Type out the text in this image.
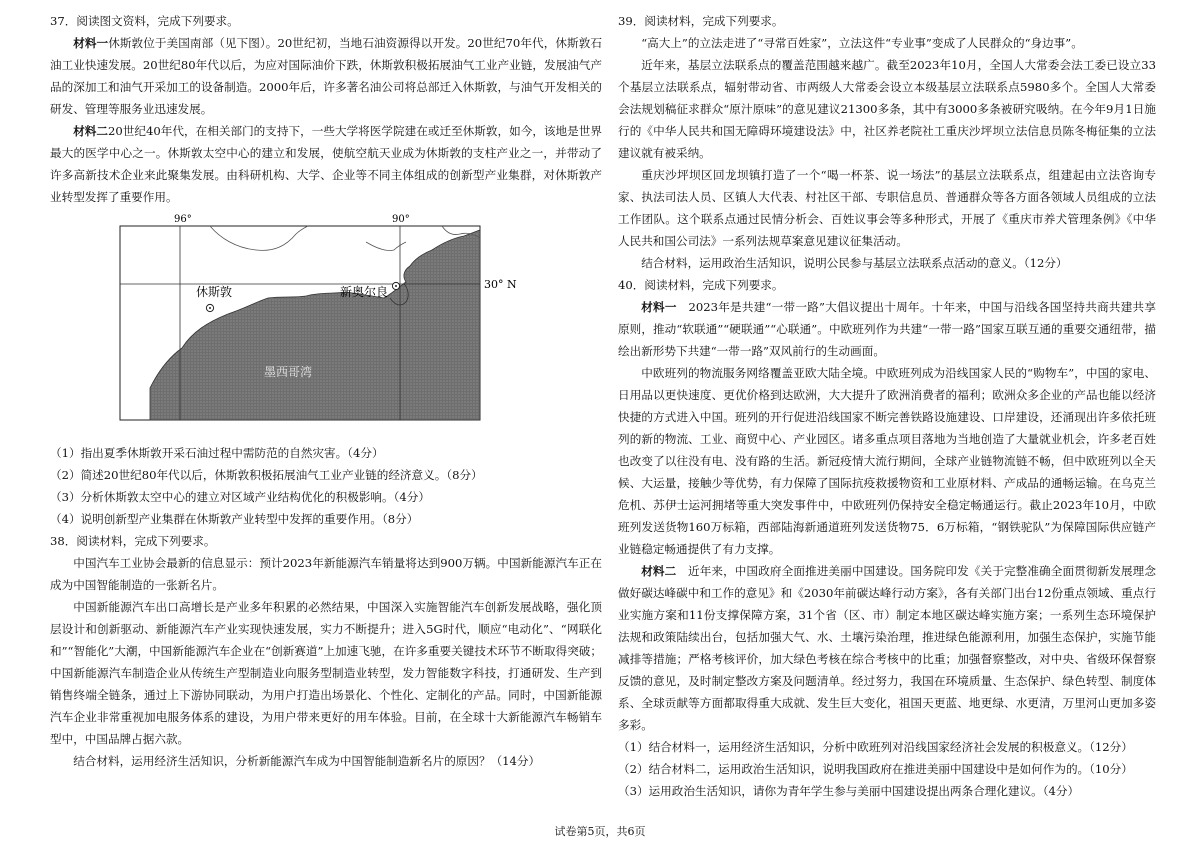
37．阅读图文资料，完成下列要求。

材料一休斯敦位于美国南部（见下图）。20世纪初，当地石油资源得以开发。20世纪70年代，休斯敦石油工业快速发展。20世纪80年代以后，为应对国际油价下跌，休斯敦积极拓展油气工业产业链，发展油气产品的深加工和油气开采加工的设备制造。2000年后，许多著名油公司将总部迁入休斯敦，与油气开发相关的研发、管理等服务业迅速发展。

材料二20世纪40年代，在相关部门的支持下，一些大学将医学院建在或迁至休斯敦，如今，该地是世界最大的医学中心之一。休斯敦太空中心的建立和发展，使航空航天业成为休斯敦的支柱产业之一，并带动了许多高新技术企业来此聚集发展。由科研机构、大学、企业等不同主体组成的创新型产业集群，对休斯敦产业转型发挥了重要作用。

96°	90°
30° N
休斯敦	新奥尔良
墨西哥湾

（1）指出夏季休斯敦开采石油过程中需防范的自然灾害。（4分）

（2）简述20世纪80年代以后，休斯敦积极拓展油气工业产业链的经济意义。（8分）

（3）分析休斯敦太空中心的建立对区域产业结构优化的积极影响。（4分）

（4）说明创新型产业集群在休斯敦产业转型中发挥的重要作用。（8分）

38．阅读材料，完成下列要求。

中国汽车工业协会最新的信息显示：预计2023年新能源汽车销量将达到900万辆。中国新能源汽车正在成为中国智能制造的一张新名片。

中国新能源汽车出口高增长是产业多年积累的必然结果，中国深入实施智能汽车创新发展战略，强化顶层设计和创新驱动、新能源汽车产业实现快速发展，实力不断提升；进入5G时代，顺应“电动化”、“网联化和”“智能化”大潮，中国新能源汽车企业在“创新赛道”上加速飞驰，在许多重要关键技术环节不断取得突破；中国新能源汽车制造企业从传统生产型制造业向服务型制造业转型，发力智能数字科技，打通研发、生产到销售终端全链条，通过上下游协同联动，为用户打造出场景化、个性化、定制化的产品。同时，中国新能源汽车企业非常重视加电服务体系的建设，为用户带来更好的用车体验。目前，在全球十大新能源汽车畅销车型中，中国品牌占据六款。

结合材料，运用经济生活知识，分析新能源汽车成为中国智能制造新名片的原因？（14分）

39．阅读材料，完成下列要求。

“高大上”的立法走进了“寻常百姓家”，立法这件“专业事”变成了人民群众的“身边事”。

近年来，基层立法联系点的覆盖范围越来越广。截至2023年10月，全国人大常委会法工委已设立33个基层立法联系点，辐射带动省、市两级人大常委会设立本级基层立法联系点5980多个。全国人大常委会法规划稿征求群众“原汁原味”的意见建议21300多条，其中有3000多条被研究吸纳。在今年9月1日施行的《中华人民共和国无障碍环境建设法》中，社区养老院社工重庆沙坪坝立法信息员陈冬梅征集的立法建议就有被采纳。

重庆沙坪坝区回龙坝镇打造了一个“喝一杯茶、说一场法”的基层立法联系点，组建起由立法咨询专家、执法司法人员、区镇人大代表、村社区干部、专职信息员、普通群众等各方面各领域人员组成的立法工作团队。这个联系点通过民情分析会、百姓议事会等多种形式，开展了《重庆市养犬管理条例》《中华人民共和国公司法》一系列法规草案意见建议征集活动。

结合材料，运用政治生活知识，说明公民参与基层立法联系点活动的意义。（12分）

40．阅读材料，完成下列要求。

材料一　 2023年是共建“一带一路”大倡议提出十周年。十年来，中国与沿线各国坚持共商共建共享原则，推动“软联通”“硬联通”“心联通”。中欧班列作为共建“一带一路”国家互联互通的重要交通纽带，描绘出新形势下共建“一带一路”双风前行的生动画面。

中欧班列的物流服务网络覆盖亚欧大陆全境。中欧班列成为沿线国家人民的“购物车”，中国的家电、日用品以更快速度、更优价格到达欧洲，大大提升了欧洲消费者的福利；欧洲众多企业的产品也能以经济快捷的方式进入中国。班列的开行促进沿线国家不断完善铁路设施建设、口岸建设，还涌现出许多依托班列的新的物流、工业、商贸中心、产业园区。诸多重点项目落地为当地创造了大量就业机会，许多老百姓也改变了以往没有电、没有路的生活。新冠疫情大流行期间，全球产业链物流链不畅，但中欧班列以全天候、大运量，接触少等优势，有力保障了国际抗疫救援物资和工业原材料、产成品的通畅运输。在乌克兰危机、苏伊士运河拥堵等重大突发事件中，中欧班列仍保持安全稳定畅通运行。截止2023年10月，中欧班列发送货物160万标箱，西部陆海新通道班列发送货物75．6万标箱，“钢铁驼队”为保障国际供应链产业链稳定畅通提供了有力支撑。

材料二　 近年来，中国政府全面推进美丽中国建设。国务院印发《关于完整准确全面贯彻新发展理念做好碳达峰碳中和工作的意见》和《2030年前碳达峰行动方案》，各有关部门出台12份重点领域、重点行业实施方案和11份支撑保障方案，31个省（区、市）制定本地区碳达峰实施方案；一系列生态环境保护法规和政策陆续出台，包括加强大气、水、土壤污染治理，推进绿色能源利用，加强生态保护，实施节能减排等措施；严格考核评价，加大绿色考核在综合考核中的比重；加强督察整改，对中央、省级环保督察反馈的意见，及时制定整改方案及问题清单。经过努力，我国在环境质量、生态保护、绿色转型、制度体系、全球贡献等方面都取得重大成就、发生巨大变化，祖国天更蓝、地更绿、水更清，万里河山更加多姿多彩。

（1）结合材料一，运用经济生活知识，分析中欧班列对沿线国家经济社会发展的积极意义。（12分）

（2）结合材料二，运用政治生活知识，说明我国政府在推进美丽中国建设中是如何作为的。（10分）

（3）运用政治生活知识，请你为青年学生参与美丽中国建设提出两条合理化建议。（4分）

试卷第5页，共6页
